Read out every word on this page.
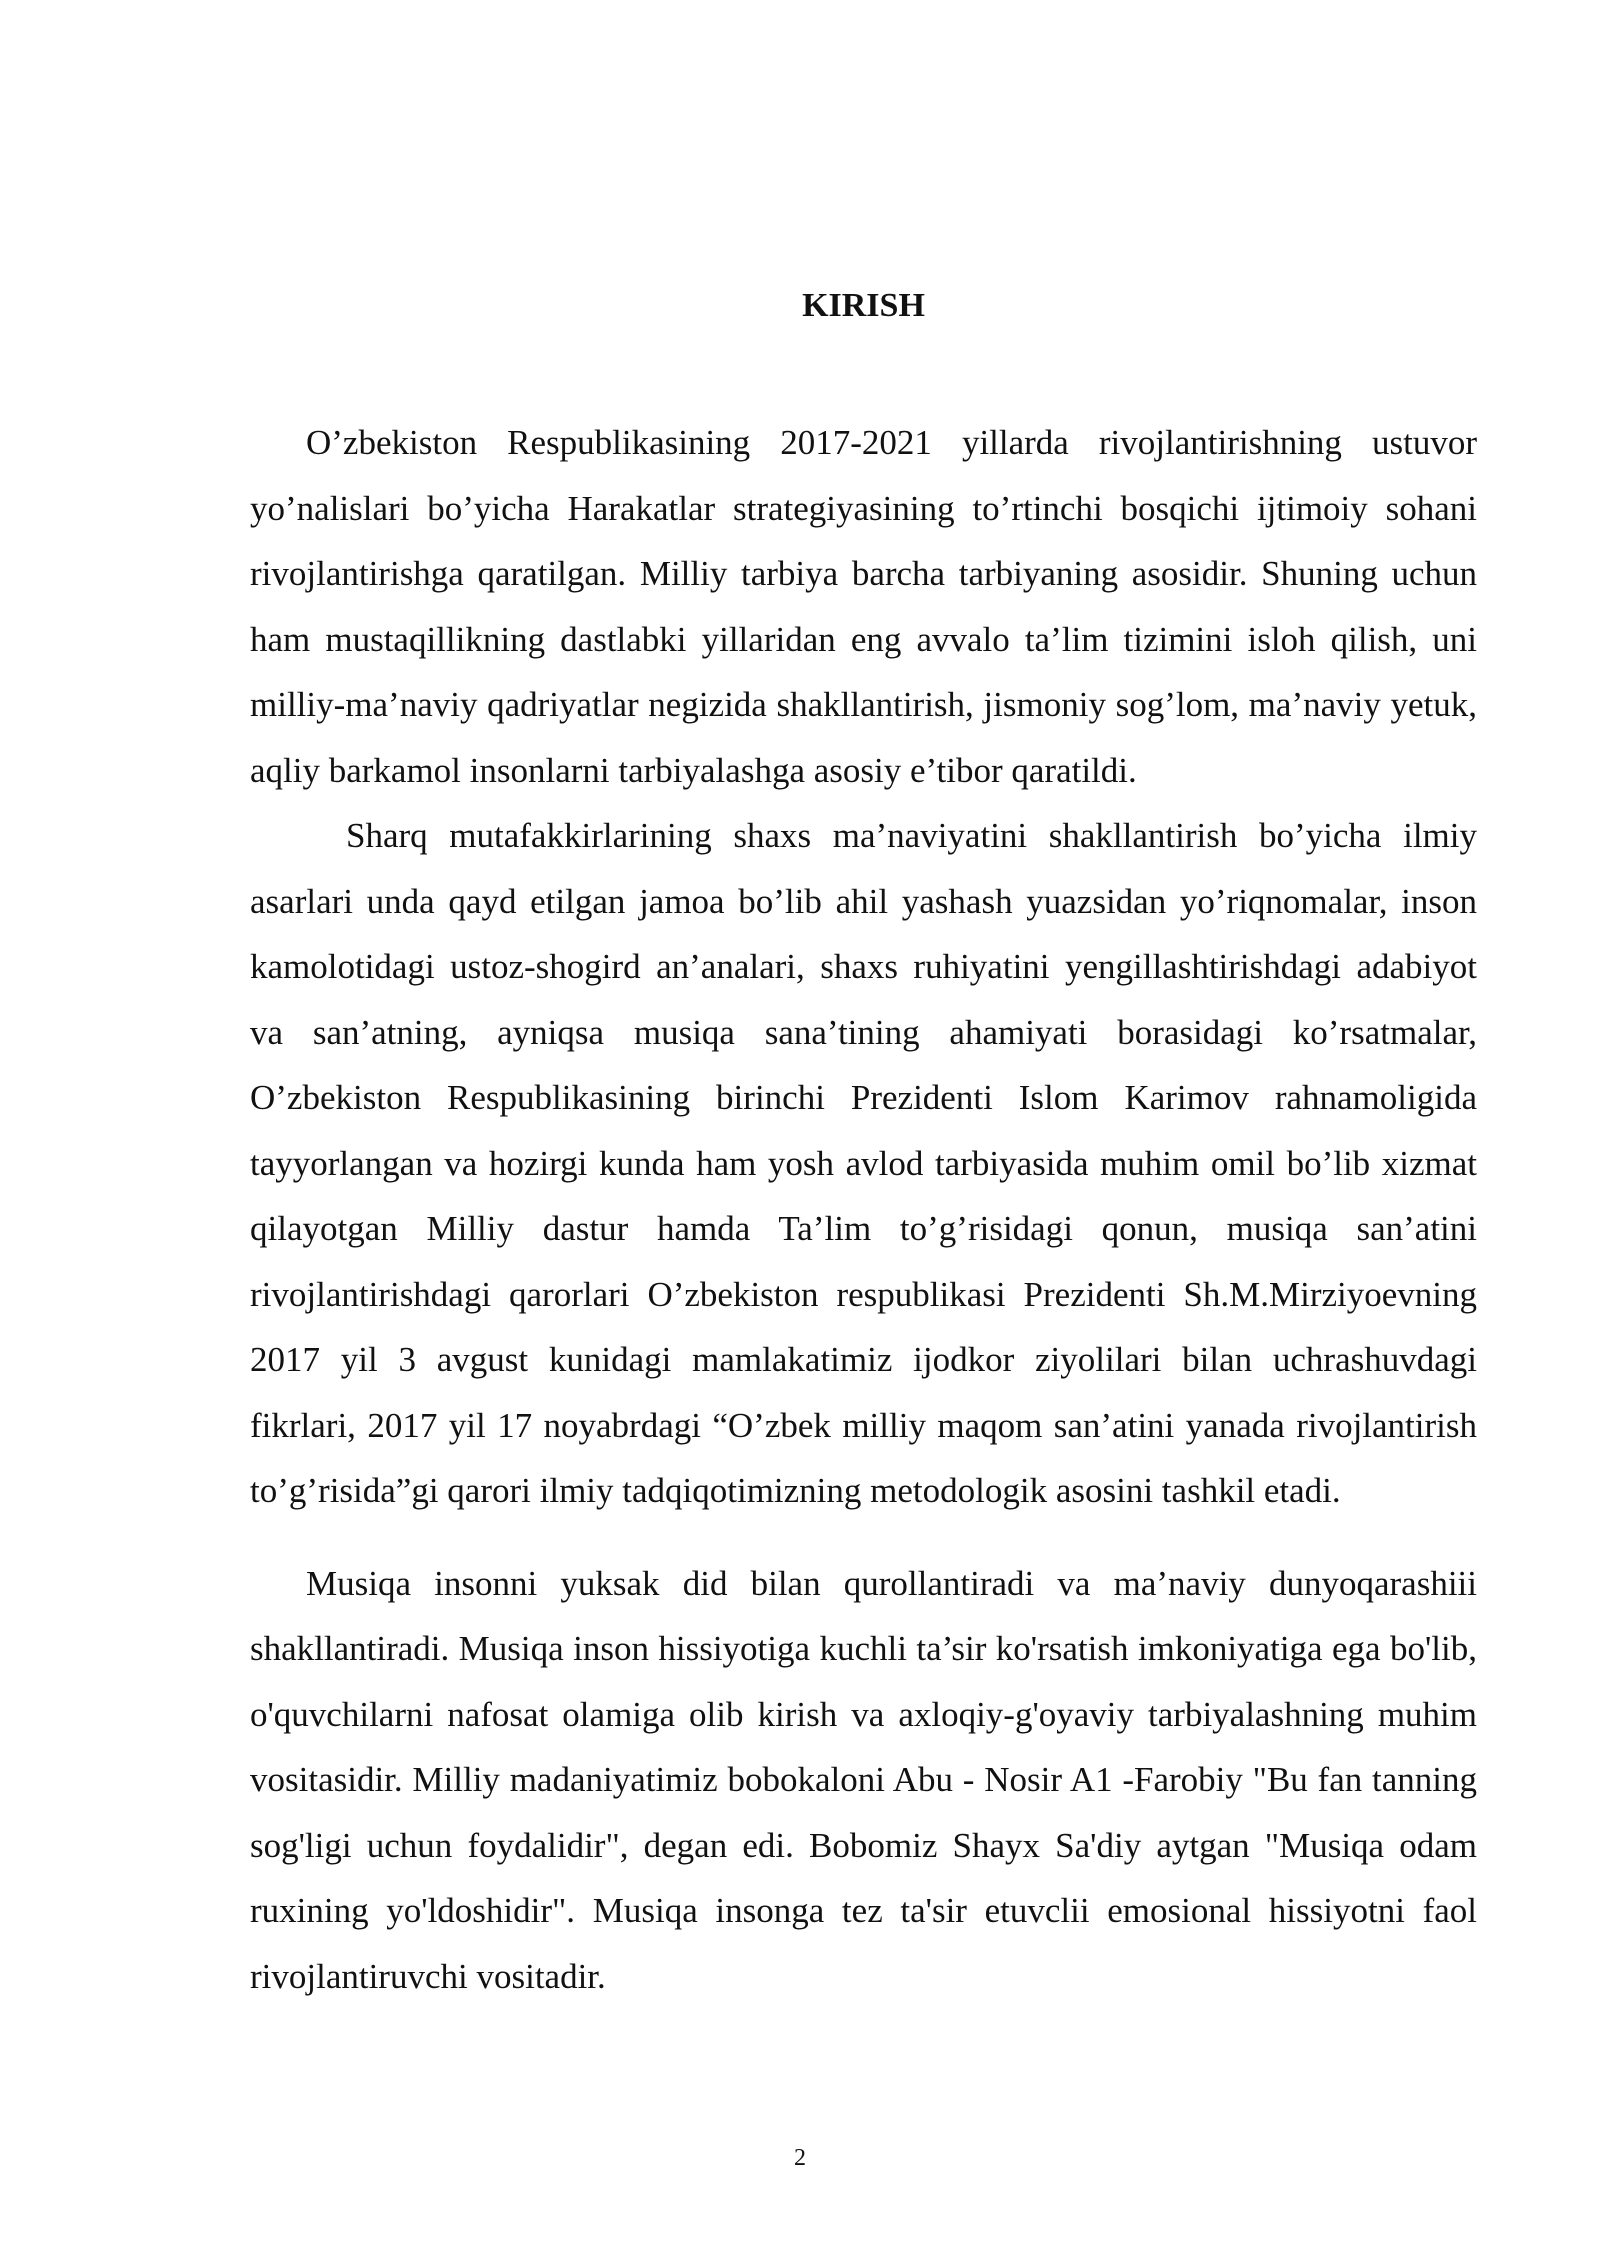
KIRISH

O’zbekiston Respublikasining 2017-2021 yillarda rivojlantirishning ustuvor yo’nalislari bo’yicha Harakatlar strategiyasining to’rtinchi bosqichi ijtimoiy sohani rivojlantirishga qaratilgan. Milliy tarbiya barcha tarbiyaning asosidir. Shuning uchun ham mustaqillikning dastlabki yillaridan eng avvalo ta’lim tizimini isloh qilish, uni milliy-ma’naviy qadriyatlar negizida shakllantirish, jismoniy sog’lom, ma’naviy yetuk, aqliy barkamol insonlarni tarbiyalashga asosiy e’tibor qaratildi.

Sharq mutafakkirlarining shaxs ma’naviyatini shakllantirish bo’yicha ilmiy asarlari unda qayd etilgan jamoa bo’lib ahil yashash yuazsidan yo’riqnomalar, inson kamolotidagi ustoz-shogird an’analari, shaxs ruhiyatini yengillashtirishdagi adabiyot va san’atning, ayniqsa musiqa sana’tining ahamiyati borasidagi ko’rsatmalar, O’zbekiston Respublikasining birinchi Prezidenti Islom Karimov rahnamoligida tayyorlangan va hozirgi kunda ham yosh avlod tarbiyasida muhim omil bo’lib xizmat qilayotgan Milliy dastur hamda Ta’lim to’g’risidagi qonun, musiqa san’atini rivojlantirishdagi qarorlari O’zbekiston respublikasi Prezidenti Sh.M.Mirziyoevning 2017 yil 3 avgust kunidagi mamlakatimiz ijodkor ziyolilari bilan uchrashuvdagi fikrlari, 2017 yil 17 noyabrdagi “O’zbek milliy maqom san’atini yanada rivojlantirish to’g’risida”gi qarori ilmiy tadqiqotimizning metodologik asosini tashkil etadi.

Musiqa insonni yuksak did bilan qurollantiradi va ma’naviy dunyoqarashiii shakllantiradi. Musiqa inson hissiyotiga kuchli ta’sir ko'rsatish imkoniyatiga ega bo'lib, o'quvchilarni nafosat olamiga olib kirish va axloqiy-g'oyaviy tarbiyalashning muhim vositasidir. Milliy madaniyatimiz bobokaloni Abu - Nosir A1 -Farobiy "Bu fan tanning sog'ligi uchun foydalidir", degan edi. Bobomiz Shayx Sa'diy aytgan "Musiqa odam ruxining yo'ldoshidir". Musiqa insonga tez ta'sir etuvclii emosional hissiyotni faol rivojlantiruvchi vositadir.

2
